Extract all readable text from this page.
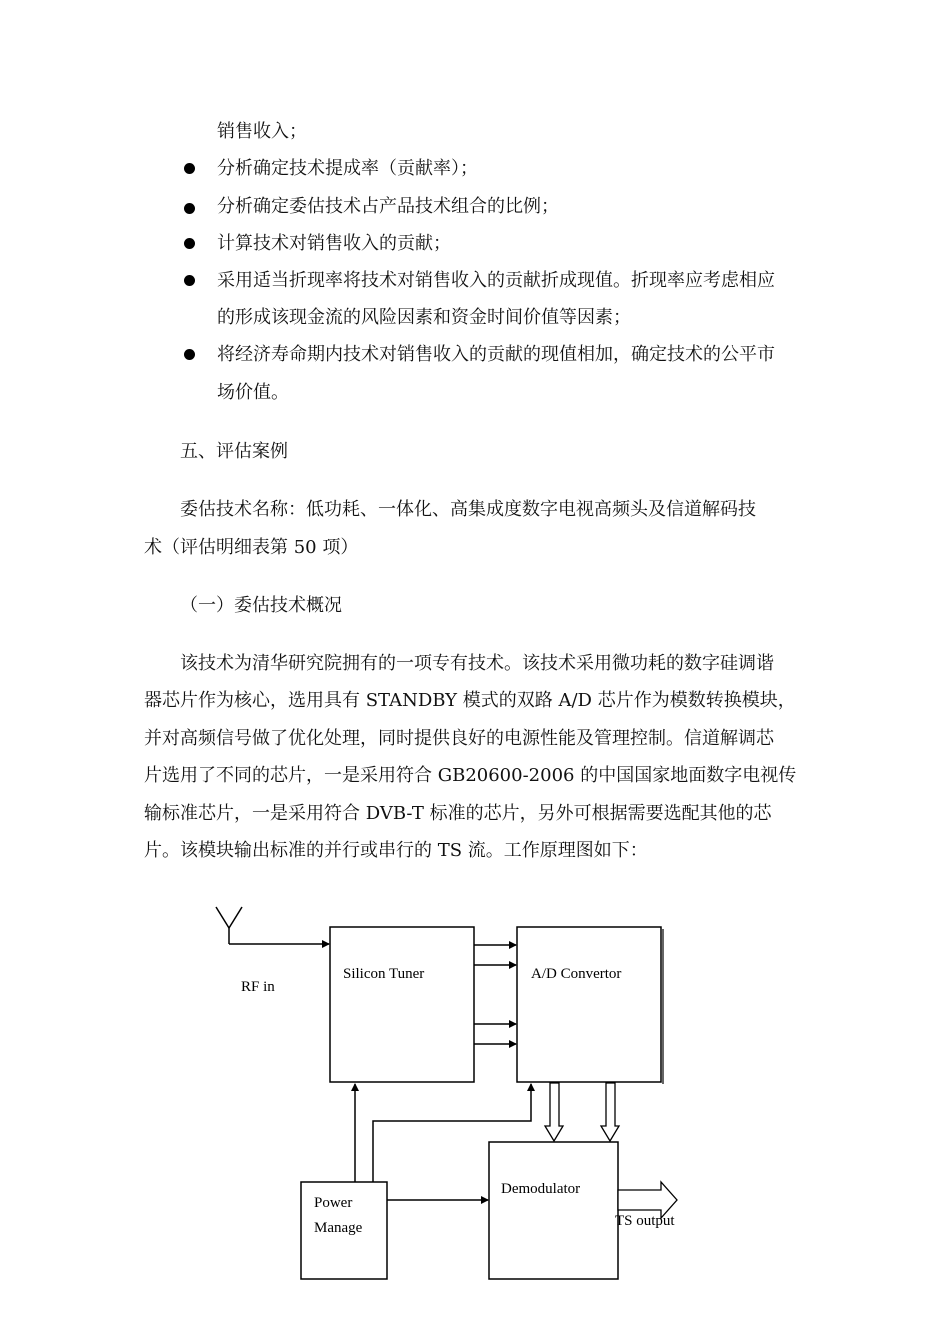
销售收入；
分析确定技术提成率（贡献率）；
分析确定委估技术占产品技术组合的比例；
计算技术对销售收入的贡献；
采用适当折现率将技术对销售收入的贡献折成现值。折现率应考虑相应
的形成该现金流的风险因素和资金时间价值等因素；
将经济寿命期内技术对销售收入的贡献的现值相加，确定技术的公平市
场价值。
五、评估案例
委估技术名称：低功耗、一体化、高集成度数字电视高频头及信道解码技
术（评估明细表第 50 项）
（一）委估技术概况
该技术为清华研究院拥有的一项专有技术。该技术采用微功耗的数字硅调谐
器芯片作为核心，选用具有 STANDBY 模式的双路 A/D 芯片作为模数转换模块，
并对高频信号做了优化处理，同时提供良好的电源性能及管理控制。信道解调芯
片选用了不同的芯片，一是采用符合 GB20600-2006 的中国国家地面数字电视传
输标准芯片，一是采用符合 DVB-T 标准的芯片，另外可根据需要选配其他的芯
片。该模块输出标准的并行或串行的 TS 流。工作原理图如下：
RF in
Silicon Tuner	A/D Convertor
Demodulator
Power
Manage	TS output
